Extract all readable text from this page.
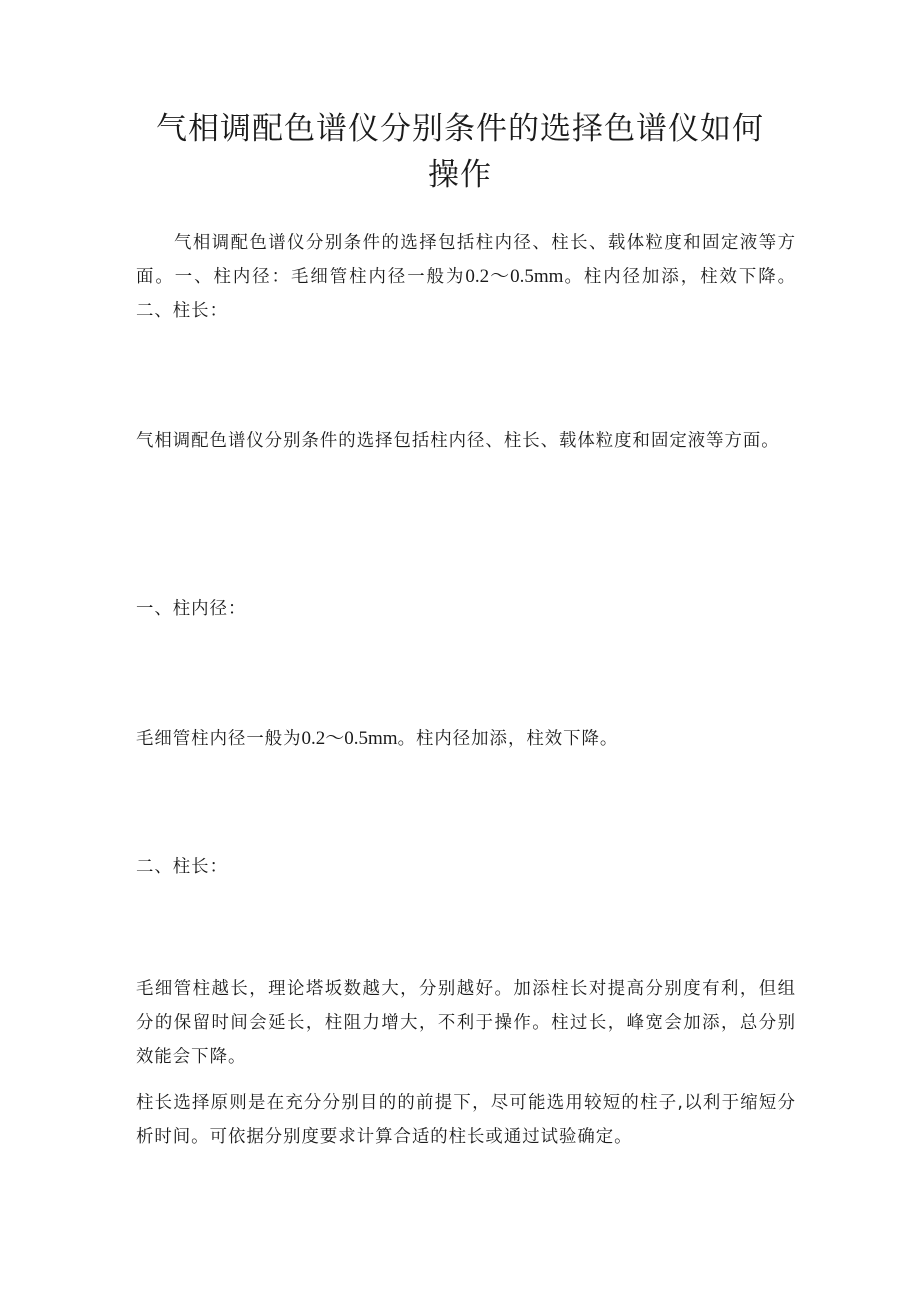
气相调配色谱仪分别条件的选择色谱仪如何
操作

气相调配色谱仪分别条件的选择包括柱内径、柱长、载体粒度和固定液等方面。一、柱内径：毛细管柱内径一般为0.2～0.5mm。柱内径加添，柱效下降。二、柱长：

气相调配色谱仪分别条件的选择包括柱内径、柱长、载体粒度和固定液等方面。

一、柱内径：

毛细管柱内径一般为0.2～0.5mm。柱内径加添，柱效下降。

二、柱长：

毛细管柱越长，理论塔坂数越大，分别越好。加添柱长对提高分别度有利，但组分的保留时间会延长，柱阻力增大，不利于操作。柱过长，峰宽会加添，总分别效能会下降。

柱长选择原则是在充分分别目的的前提下，尽可能选用较短的柱子,以利于缩短分析时间。可依据分别度要求计算合适的柱长或通过试验确定。
